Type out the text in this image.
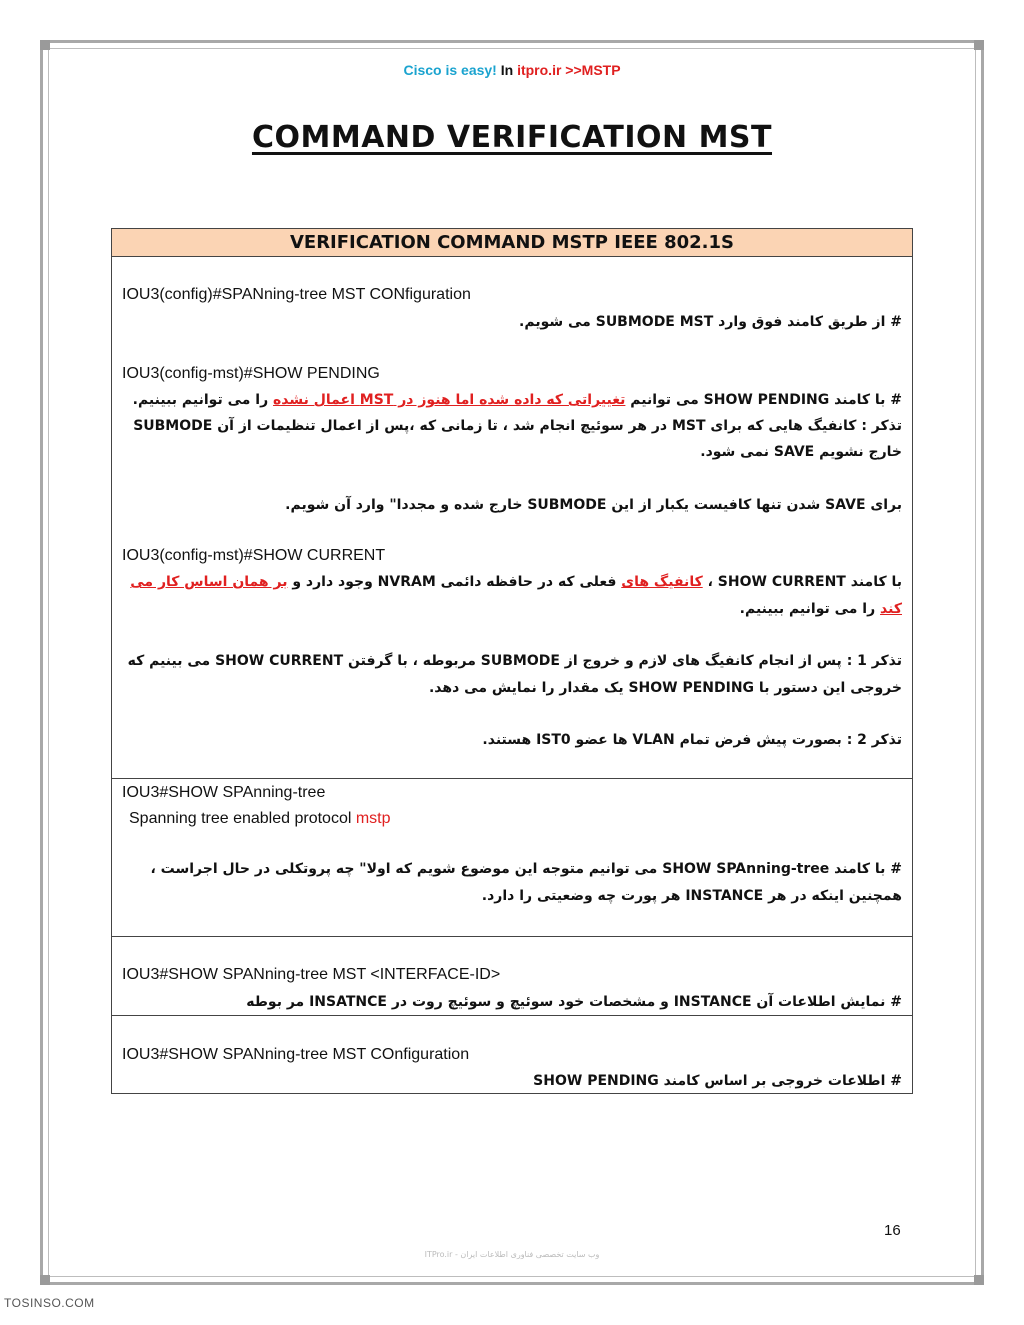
Cisco is easy! In itpro.ir >>MSTP
COMMAND VERIFICATION MST
VERIFICATION COMMAND MSTP IEEE 802.1S
IOU3(config)#SPANning-tree MST CONfiguration
# از طریق کامند فوق وارد SUBMODE MST می شویم.
IOU3(config-mst)#SHOW PENDING
# با کامند SHOW PENDING می توانیم تغییراتی که داده شده اما هنوز در MST اعمال نشده را می توانیم ببینیم.
تذکر : کانفیگ هایی که برای MST در هر سوئیچ انجام شد ، تا زمانی که ،پس از اعمال تنظیمات از آن SUBMODE
خارج نشویم SAVE نمی شود.
برای SAVE شدن تنها کافیست یکبار از این SUBMODE خارج شده و مجددا" وارد آن شویم.
IOU3(config-mst)#SHOW CURRENT
با کامند SHOW CURRENT ، کانفیگ های فعلی که در حافظه دائمی NVRAM وجود دارد و بر همان اساس کار می
کند را می توانیم ببینیم.
تذکر 1 : پس از انجام کانفیگ های لازم و خروج از SUBMODE مربوطه ، با گرفتن SHOW CURRENT می بینیم که
خروجی این دستور با SHOW PENDING یک مقدار را نمایش می دهد.
تذکر 2 : بصورت پیش فرض تمام VLAN ها عضو IST0 هستند.
IOU3#SHOW SPAnning-tree
Spanning tree enabled protocol mstp
# با کامند SHOW SPAnning-tree می توانیم متوجه این موضوع شویم که اولا" چه پروتکلی در حال اجراست ،
همچنین اینکه در هر INSTANCE هر پورت چه وضعیتی را دارد.
IOU3#SHOW SPANning-tree MST <INTERFACE-ID>
# نمایش اطلاعات آن INSTANCE و مشخصات خود سوئیچ و سوئیچ روت در INSATNCE مر بوطه
IOU3#SHOW SPANning-tree MST COnfiguration
# اطلاعات خروجی بر اساس کامند SHOW PENDING
16
وب سایت تخصصی فناوری اطلاعات ایران - ITPro.ir
TOSINSO.COM
